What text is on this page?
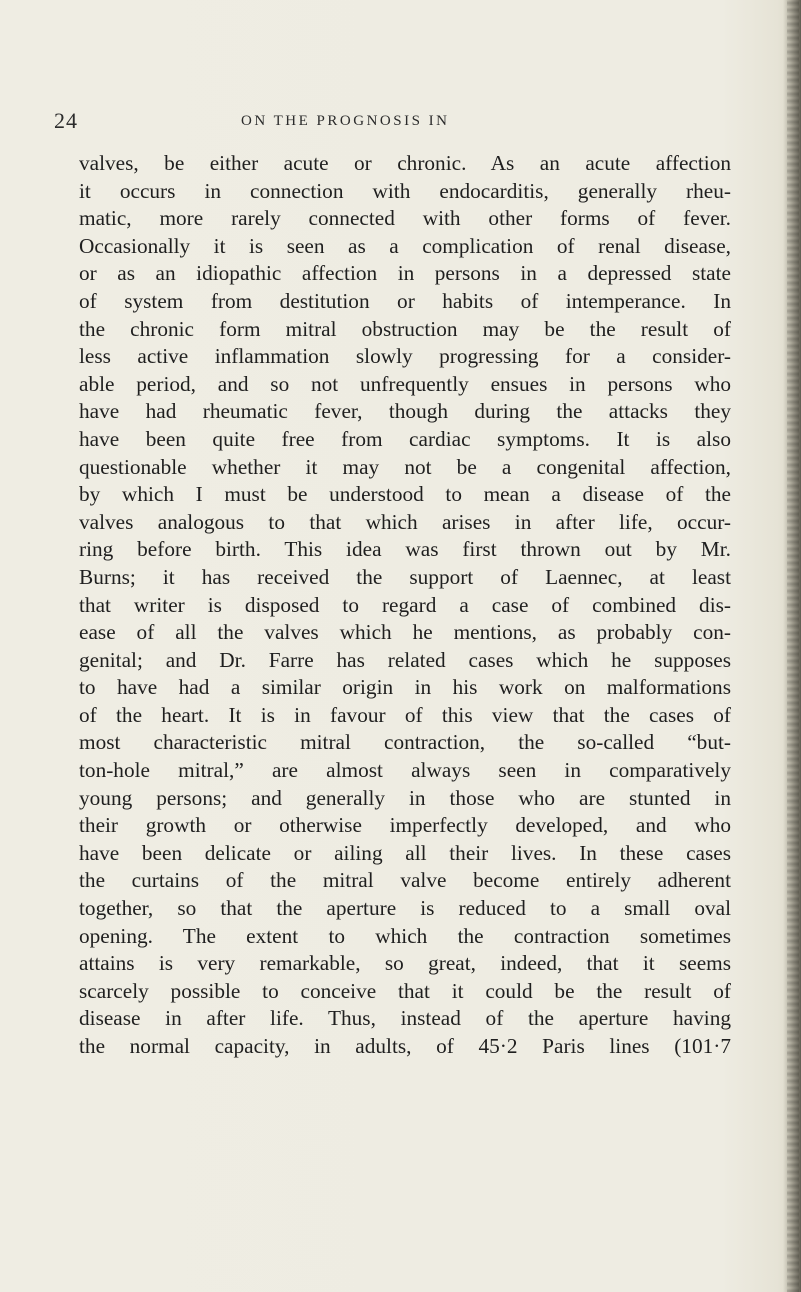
24	ON THE PROGNOSIS IN
valves, be either acute or chronic. As an acute affection
it occurs in connection with endocarditis, generally rheu-
matic, more rarely connected with other forms of fever.
Occasionally it is seen as a complication of renal disease,
or as an idiopathic affection in persons in a depressed state
of system from destitution or habits of intemperance. In
the chronic form mitral obstruction may be the result of
less active inflammation slowly progressing for a consider-
able period, and so not unfrequently ensues in persons who
have had rheumatic fever, though during the attacks they
have been quite free from cardiac symptoms. It is also
questionable whether it may not be a congenital affection,
by which I must be understood to mean a disease of the
valves analogous to that which arises in after life, occur-
ring before birth. This idea was first thrown out by Mr.
Burns; it has received the support of Laennec, at least
that writer is disposed to regard a case of combined dis-
ease of all the valves which he mentions, as probably con-
genital; and Dr. Farre has related cases which he supposes
to have had a similar origin in his work on malformations
of the heart. It is in favour of this view that the cases of
most characteristic mitral contraction, the so-called “but-
ton-hole mitral,” are almost always seen in comparatively
young persons; and generally in those who are stunted in
their growth or otherwise imperfectly developed, and who
have been delicate or ailing all their lives. In these cases
the curtains of the mitral valve become entirely adherent
together, so that the aperture is reduced to a small oval
opening. The extent to which the contraction sometimes
attains is very remarkable, so great, indeed, that it seems
scarcely possible to conceive that it could be the result of
disease in after life. Thus, instead of the aperture having
the normal capacity, in adults, of 45·2 Paris lines (101·7
